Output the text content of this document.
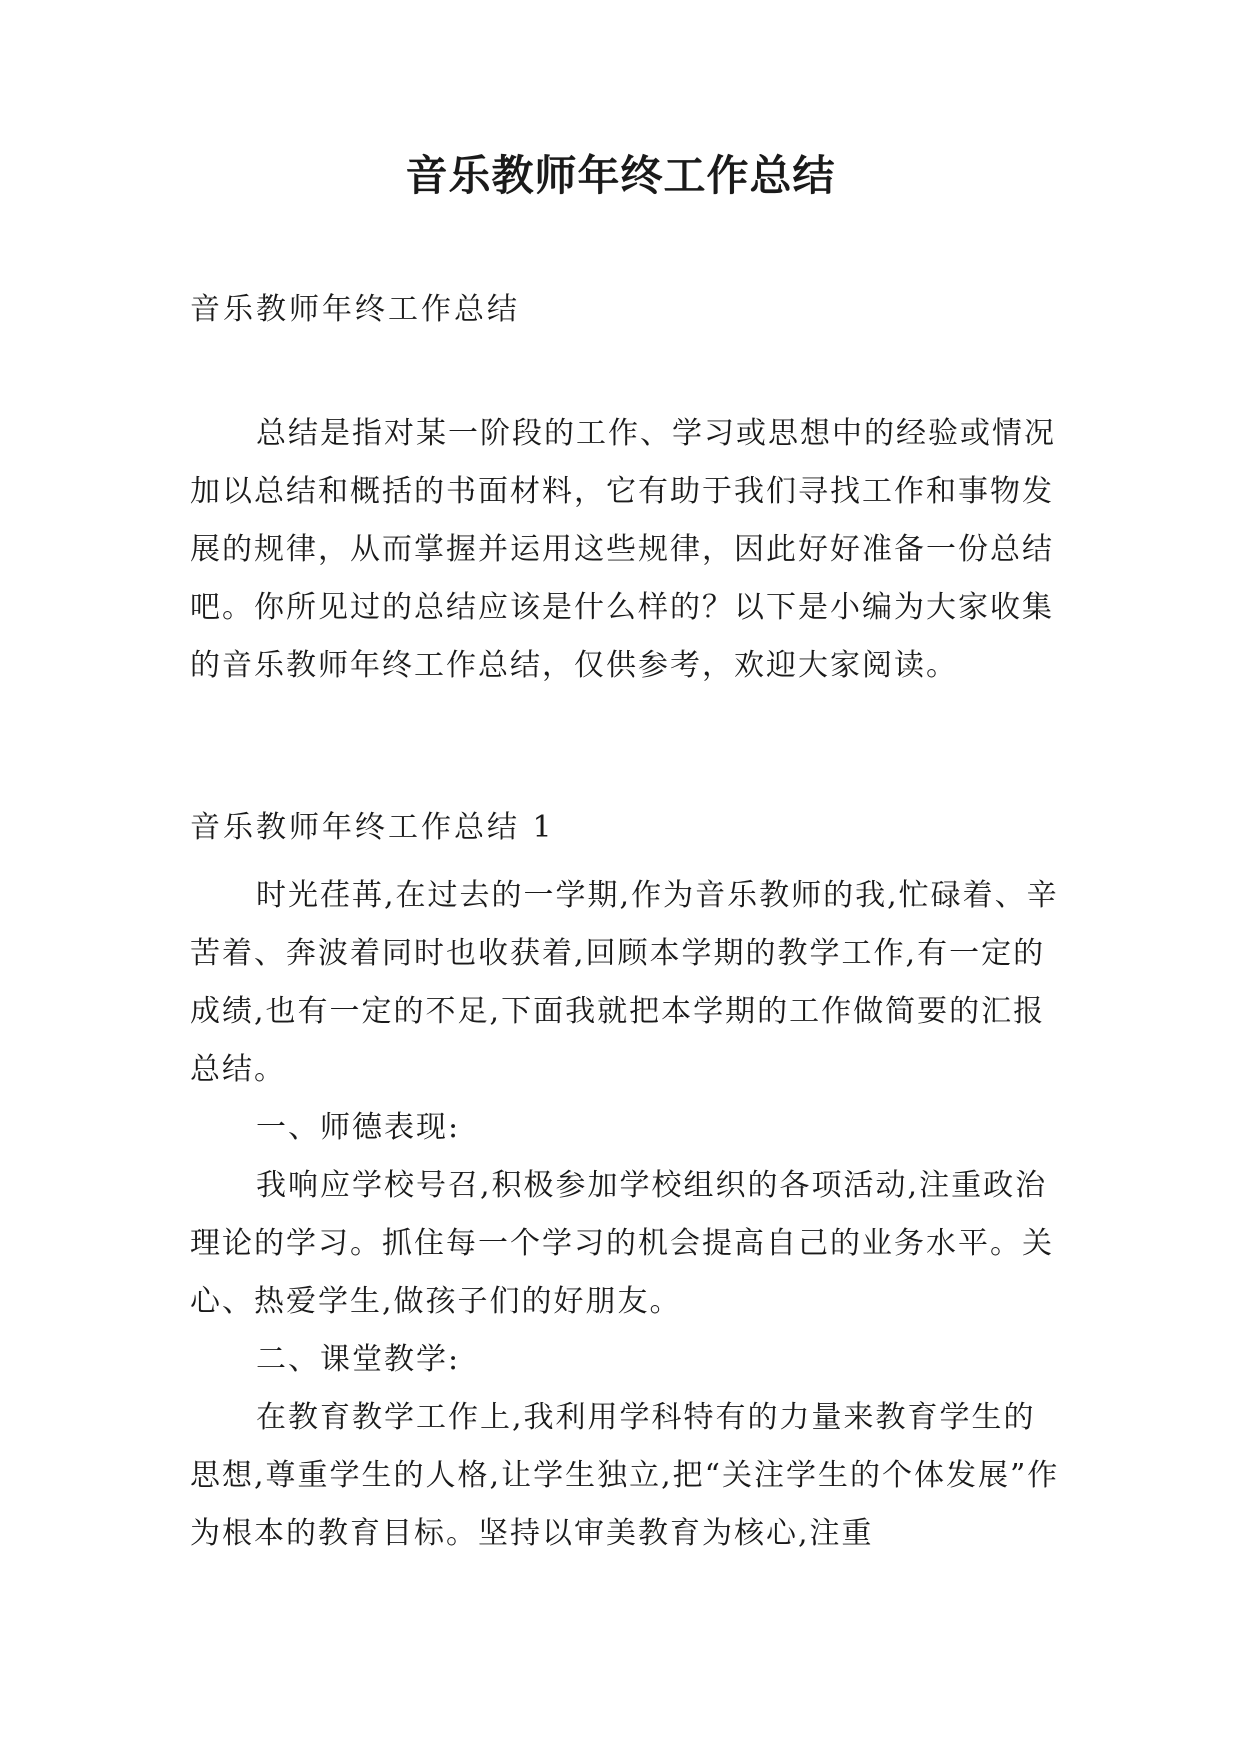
音乐教师年终工作总结

音乐教师年终工作总结

总结是指对某一阶段的工作、学习或思想中的经验或情况加以总结和概括的书面材料，它有助于我们寻找工作和事物发展的规律，从而掌握并运用这些规律，因此好好准备一份总结吧。你所见过的总结应该是什么样的？以下是小编为大家收集的音乐教师年终工作总结，仅供参考，欢迎大家阅读。

音乐教师年终工作总结 1

时光荏苒,在过去的一学期,作为音乐教师的我,忙碌着、辛苦着、奔波着同时也收获着,回顾本学期的教学工作,有一定的成绩,也有一定的不足,下面我就把本学期的工作做简要的汇报总结。

一、师德表现:

我响应学校号召,积极参加学校组织的各项活动,注重政治理论的学习。抓住每一个学习的机会提高自己的业务水平。关心、热爱学生,做孩子们的好朋友。

二、课堂教学:

在教育教学工作上,我利用学科特有的力量来教育学生的思想,尊重学生的人格,让学生独立,把“关注学生的个体发展”作为根本的教育目标。坚持以审美教育为核心,注重
